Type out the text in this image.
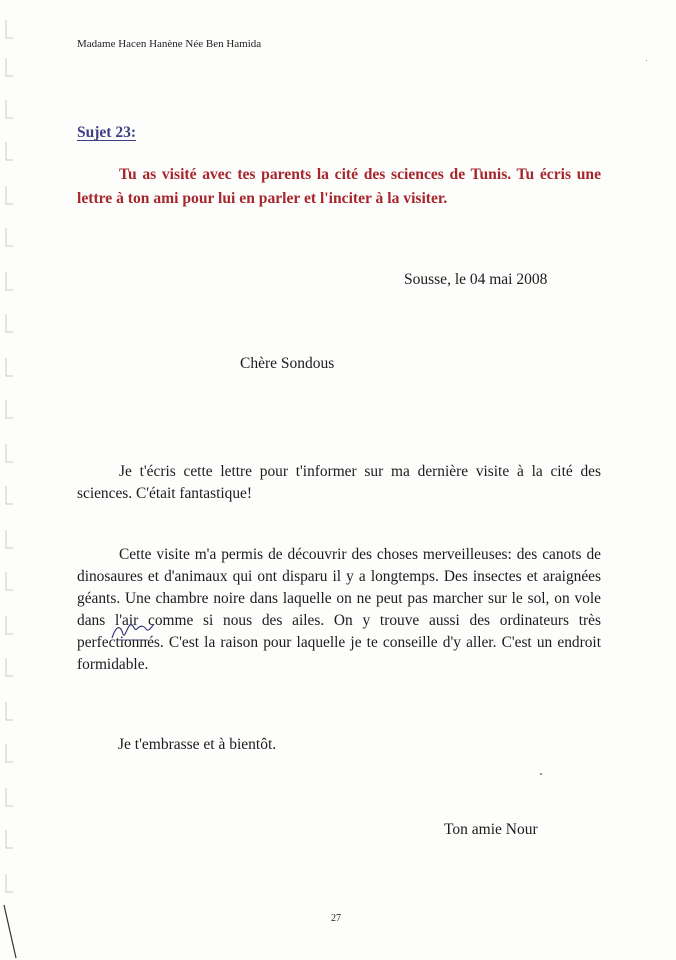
Madame Hacen Hanène Née Ben Hamida
Sujet 23:

Tu as visité avec tes parents la cité des sciences de Tunis. Tu écris une lettre à ton ami pour lui en parler et l'inciter à la visiter.

Sousse, le 04 mai 2008
Chère Sondous

Je t'écris cette lettre pour t'informer sur ma dernière visite à la cité des sciences. C'était fantastique!

Cette visite m'a permis de découvrir des choses merveilleuses: des canots de dinosaures et d'animaux qui ont disparu il y a longtemps. Des insectes et araignées géants. Une chambre noire dans laquelle on ne peut pas marcher sur le sol, on vole dans l'air comme si nous des ailes. On y trouve aussi des ordinateurs très perfectionnés. C'est la raison pour laquelle je te conseille d'y aller. C'est un endroit formidable.

Je t'embrasse et à bientôt.
Ton amie Nour
27
